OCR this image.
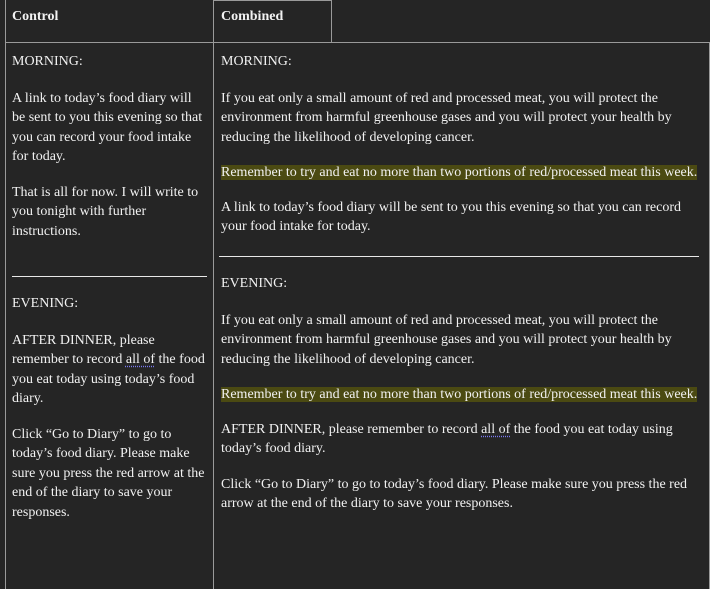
Control	Combined

MORNING:

A link to today’s food diary will be sent to you this evening so that you can record your food intake for today.

That is all for now. I will write to you tonight with further instructions.

EVENING:

AFTER DINNER, please remember to record all of the food you eat today using today’s food diary.

Click “Go to Diary” to go to today’s food diary. Please make sure you press the red arrow at the end of the diary to save your responses.

MORNING:

If you eat only a small amount of red and processed meat, you will protect the environment from harmful greenhouse gases and you will protect your health by reducing the likelihood of developing cancer.

Remember to try and eat no more than two portions of red/processed meat this week.

A link to today’s food diary will be sent to you this evening so that you can record your food intake for today.

EVENING:

If you eat only a small amount of red and processed meat, you will protect the environment from harmful greenhouse gases and you will protect your health by reducing the likelihood of developing cancer.

Remember to try and eat no more than two portions of red/processed meat this week.

AFTER DINNER, please remember to record all of the food you eat today using today’s food diary.

Click “Go to Diary” to go to today’s food diary. Please make sure you press the red arrow at the end of the diary to save your responses.
